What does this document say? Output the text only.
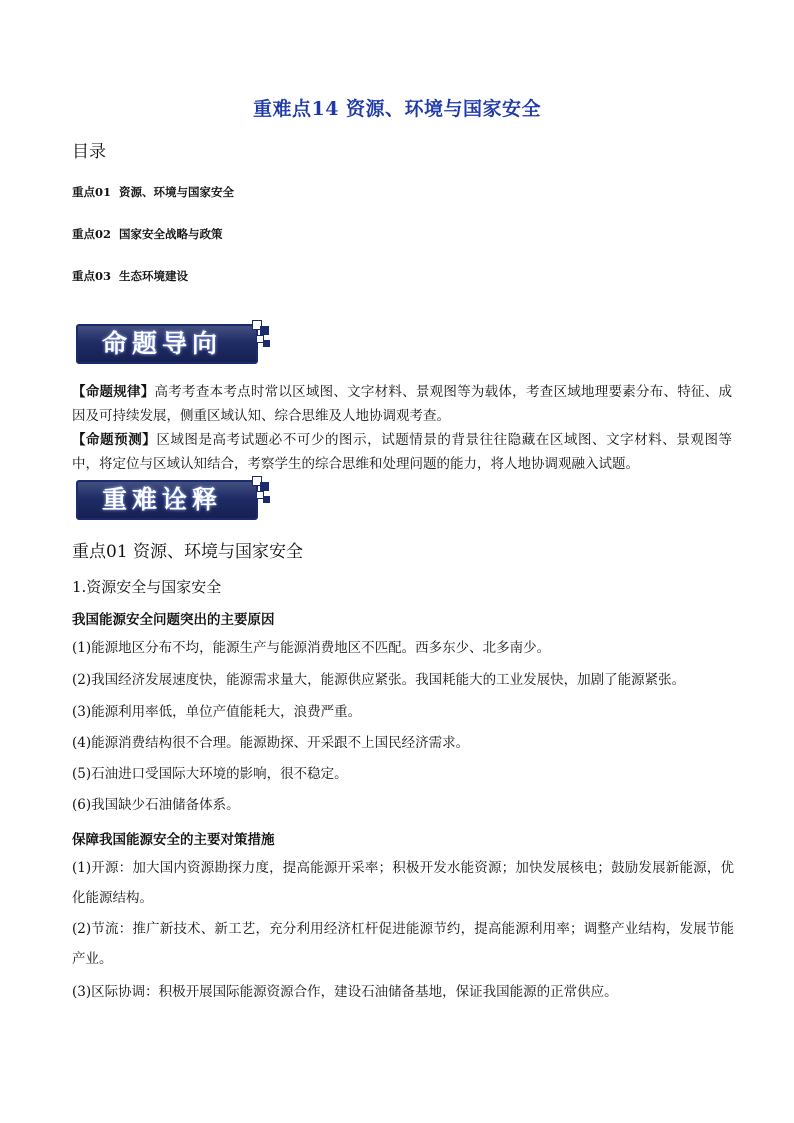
重难点14 资源、环境与国家安全
目录
重点01 资源、环境与国家安全
重点02 国家安全战略与政策
重点03 生态环境建设
命题导向
【命题规律】高考考查本考点时常以区域图、文字材料、景观图等为载体，考查区域地理要素分布、特征、成因及可持续发展，侧重区域认知、综合思维及人地协调观考查。
【命题预测】区域图是高考试题必不可少的图示，试题情景的背景往往隐藏在区域图、文字材料、景观图等中，将定位与区域认知结合，考察学生的综合思维和处理问题的能力，将人地协调观融入试题。
重难诠释
重点01 资源、环境与国家安全
1.资源安全与国家安全
我国能源安全问题突出的主要原因
(1)能源地区分布不均，能源生产与能源消费地区不匹配。西多东少、北多南少。
(2)我国经济发展速度快，能源需求量大，能源供应紧张。我国耗能大的工业发展快，加剧了能源紧张。
(3)能源利用率低，单位产值能耗大，浪费严重。
(4)能源消费结构很不合理。能源勘探、开采跟不上国民经济需求。
(5)石油进口受国际大环境的影响，很不稳定。
(6)我国缺少石油储备体系。
保障我国能源安全的主要对策措施
(1)开源：加大国内资源勘探力度，提高能源开采率；积极开发水能资源；加快发展核电；鼓励发展新能源，优化能源结构。
(2)节流：推广新技术、新工艺，充分利用经济杠杆促进能源节约，提高能源利用率；调整产业结构，发展节能产业。
(3)区际协调：积极开展国际能源资源合作，建设石油储备基地，保证我国能源的正常供应。
